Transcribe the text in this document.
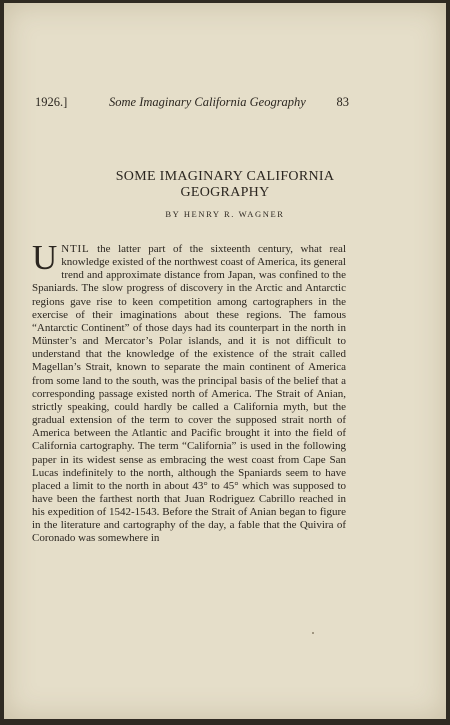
1926.]	Some Imaginary California Geography 83
SOME IMAGINARY CALIFORNIA
GEOGRAPHY
BY HENRY R. WAGNER
UNTIL the latter part of the sixteenth century, what real knowledge existed of the northwest coast of America, its general trend and approximate distance from Japan, was confined to the Spaniards. The slow progress of discovery in the Arctic and Antarctic regions gave rise to keen competition among cartographers in the exercise of their imaginations about these regions. The famous “Antarctic Continent” of those days had its counterpart in the north in Münster’s and Mercator’s Polar islands, and it is not difficult to understand that the knowledge of the existence of the strait called Magellan’s Strait, known to separate the main continent of America from some land to the south, was the principal basis of the belief that a corresponding passage existed north of America. The Strait of Anian, strictly speaking, could hardly be called a California myth, but the gradual extension of the term to cover the supposed strait north of America between the Atlantic and Pacific brought it into the field of California cartography. The term “California” is used in the following paper in its widest sense as embracing the west coast from Cape San Lucas indefinitely to the north, although the Spaniards seem to have placed a limit to the north in about 43° to 45° which was supposed to have been the farthest north that Juan Rodriguez Cabrillo reached in his expedition of 1542-1543. Before the Strait of Anian began to figure in the literature and cartography of the day, a fable that the Quivira of Coronado was somewhere in
